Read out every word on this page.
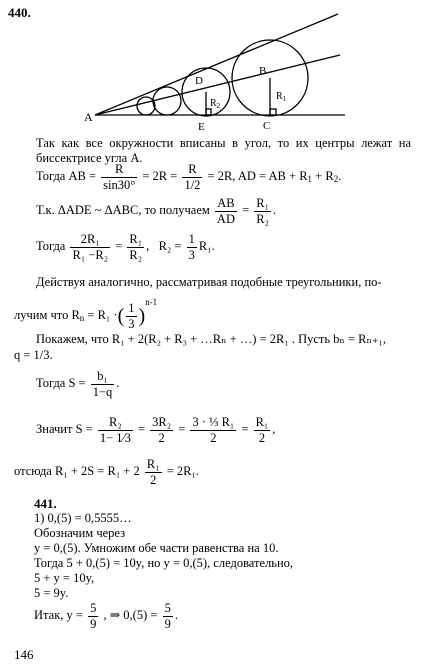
440.
A
D
B
E	C
$R_2$
$R_1$
Так как все окружности вписаны в угол, то их центры лежат на биссектрисе угла A.
Тогда AB = $\frac{R}{\sin 30^\circ} = 2R = \frac{R}{1/2} = 2R$, AD = AB + $R_1 + R_2$.
Т.к. ΔADE ~ ΔABC, то получаем $\frac{AB}{AD} = \frac{\text{R₁}}{\text{R₂}}$ .
Тогда $\frac{\text{2R₁}}{\text{R₁ −R₂}} = \frac{\text{R₁}}{\text{R₂}}$ , $R_2 = \frac{1}{3} R_1$.
Действуя аналогично, рассматривая подобные треугольники, по-
лучим что $R_n = R_1$ ·( $\frac{1}{3} )^{n-1}$
Покажем, что R₁ + 2(R₂ + R₃ + …Rₙ + …) = 2R₁ . Пусть bₙ = Rₙ₊₁,
q = 1/3.
Тогда $S = \frac{\text{b₁}}{1-q}$ .
Значит $S = \frac{\text{R₂}}{1- 1⁄3} = \frac{\text{3R₂}}{2} = \frac{\text{3 · ⅓ R₁}}{2} = \frac{\text{R₁}}{2}$ ,
отсюда $R_1 + 2S = R_1 + 2 \frac{\text{R₁}}{2} = 2R_1$.
441.
1) 0,(5) = 0,5555…
Обозначим через
y = 0,(5). Умножим обе части равенства на 10.
Тогда 5 + 0,(5) = 10y, но y = 0,(5), следовательно,
5 + y = 10y,
5 = 9y.
Итак, $y = \frac{5}{9}$ , ⇒ $0,(5) = \frac{5}{9}$ .
146
